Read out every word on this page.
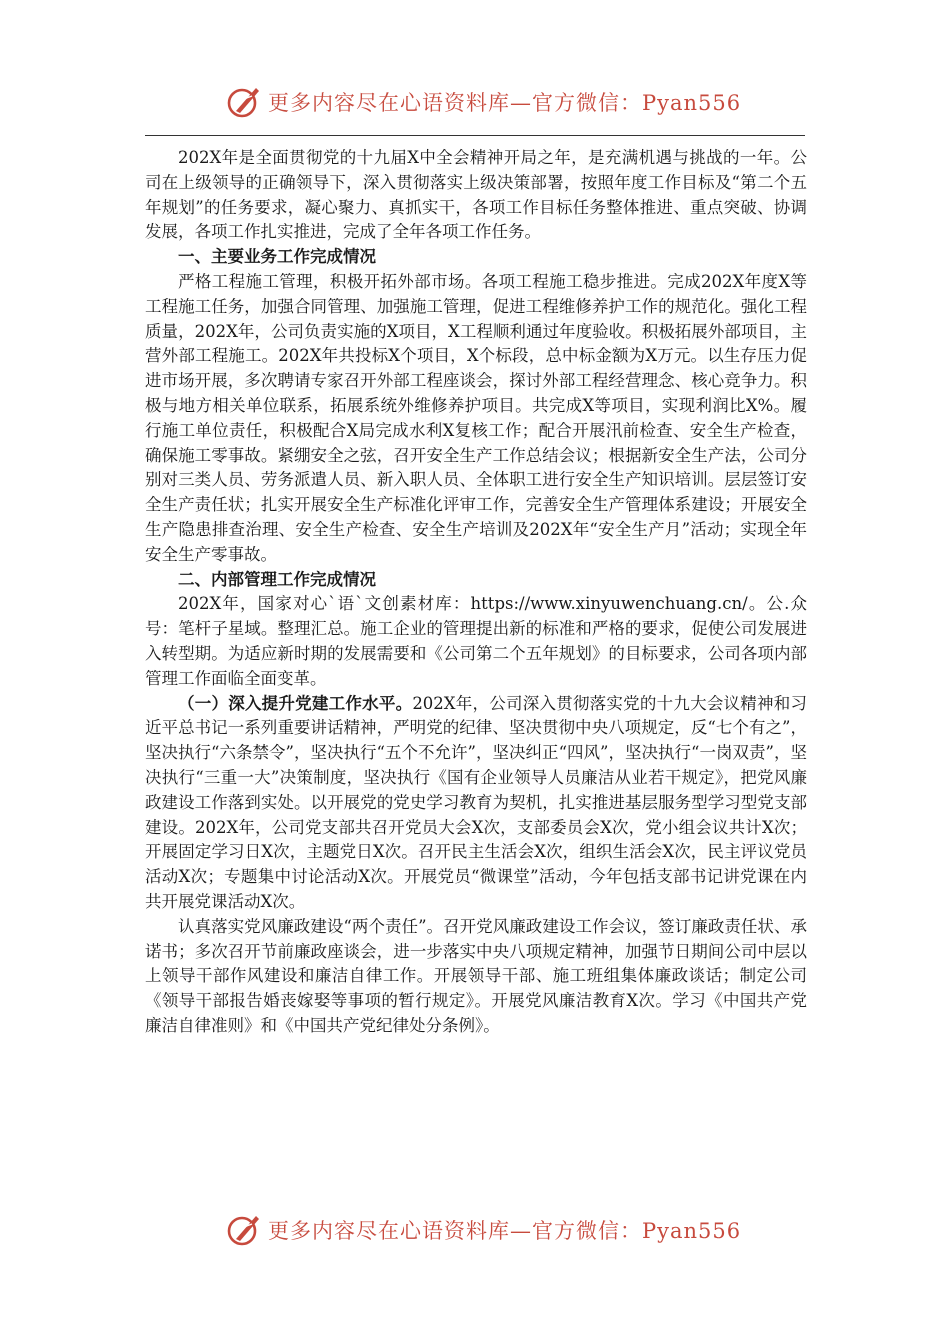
更多内容尽在心语资料库—官方微信：Pyan556

202X年是全面贯彻党的十九届X中全会精神开局之年，是充满机遇与挑战的一年。公司在上级领导的正确领导下，深入贯彻落实上级决策部署，按照年度工作目标及“第二个五年规划”的任务要求，凝心聚力、真抓实干，各项工作目标任务整体推进、重点突破、协调发展，各项工作扎实推进，完成了全年各项工作任务。

一、主要业务工作完成情况

严格工程施工管理，积极开拓外部市场。各项工程施工稳步推进。完成202X年度X等工程施工任务，加强合同管理、加强施工管理，促进工程维修养护工作的规范化。强化工程质量，202X年，公司负责实施的X项目，X工程顺利通过年度验收。积极拓展外部项目，主营外部工程施工。202X年共投标X个项目，X个标段，总中标金额为X万元。以生存压力促进市场开展，多次聘请专家召开外部工程座谈会，探讨外部工程经营理念、核心竞争力。积极与地方相关单位联系，拓展系统外维修养护项目。共完成X等项目，实现利润比X%。履行施工单位责任，积极配合X局完成水利X复核工作；配合开展汛前检查、安全生产检查，确保施工零事故。紧绷安全之弦，召开安全生产工作总结会议；根据新安全生产法，公司分别对三类人员、劳务派遣人员、新入职人员、全体职工进行安全生产知识培训。层层签订安全生产责任状；扎实开展安全生产标准化评审工作，完善安全生产管理体系建设；开展安全生产隐患排查治理、安全生产检查、安全生产培训及202X年“安全生产月”活动；实现全年安全生产零事故。

二、内部管理工作完成情况

202X年，国家对心`语`文创素材库：https://www.xinyuwenchuang.cn/。公.众号：笔杆子星域。整理汇总。施工企业的管理提出新的标准和严格的要求，促使公司发展进入转型期。为适应新时期的发展需要和《公司第二个五年规划》的目标要求，公司各项内部管理工作面临全面变革。

（一）深入提升党建工作水平。202X年，公司深入贯彻落实党的十九大会议精神和习近平总书记一系列重要讲话精神，严明党的纪律、坚决贯彻中央八项规定，反“七个有之”，坚决执行“六条禁令”，坚决执行“五个不允许”，坚决纠正“四风”，坚决执行“一岗双责”，坚决执行“三重一大”决策制度，坚决执行《国有企业领导人员廉洁从业若干规定》，把党风廉政建设工作落到实处。以开展党的党史学习教育为契机，扎实推进基层服务型学习型党支部建设。202X年，公司党支部共召开党员大会X次，支部委员会X次，党小组会议共计X次；开展固定学习日X次，主题党日X次。召开民主生活会X次，组织生活会X次，民主评议党员活动X次；专题集中讨论活动X次。开展党员“微课堂”活动，今年包括支部书记讲党课在内共开展党课活动X次。

认真落实党风廉政建设“两个责任”。召开党风廉政建设工作会议，签订廉政责任状、承诺书；多次召开节前廉政座谈会，进一步落实中央八项规定精神，加强节日期间公司中层以上领导干部作风建设和廉洁自律工作。开展领导干部、施工班组集体廉政谈话；制定公司《领导干部报告婚丧嫁娶等事项的暂行规定》。开展党风廉洁教育X次。学习《中国共产党廉洁自律准则》和《中国共产党纪律处分条例》。

更多内容尽在心语资料库—官方微信：Pyan556
